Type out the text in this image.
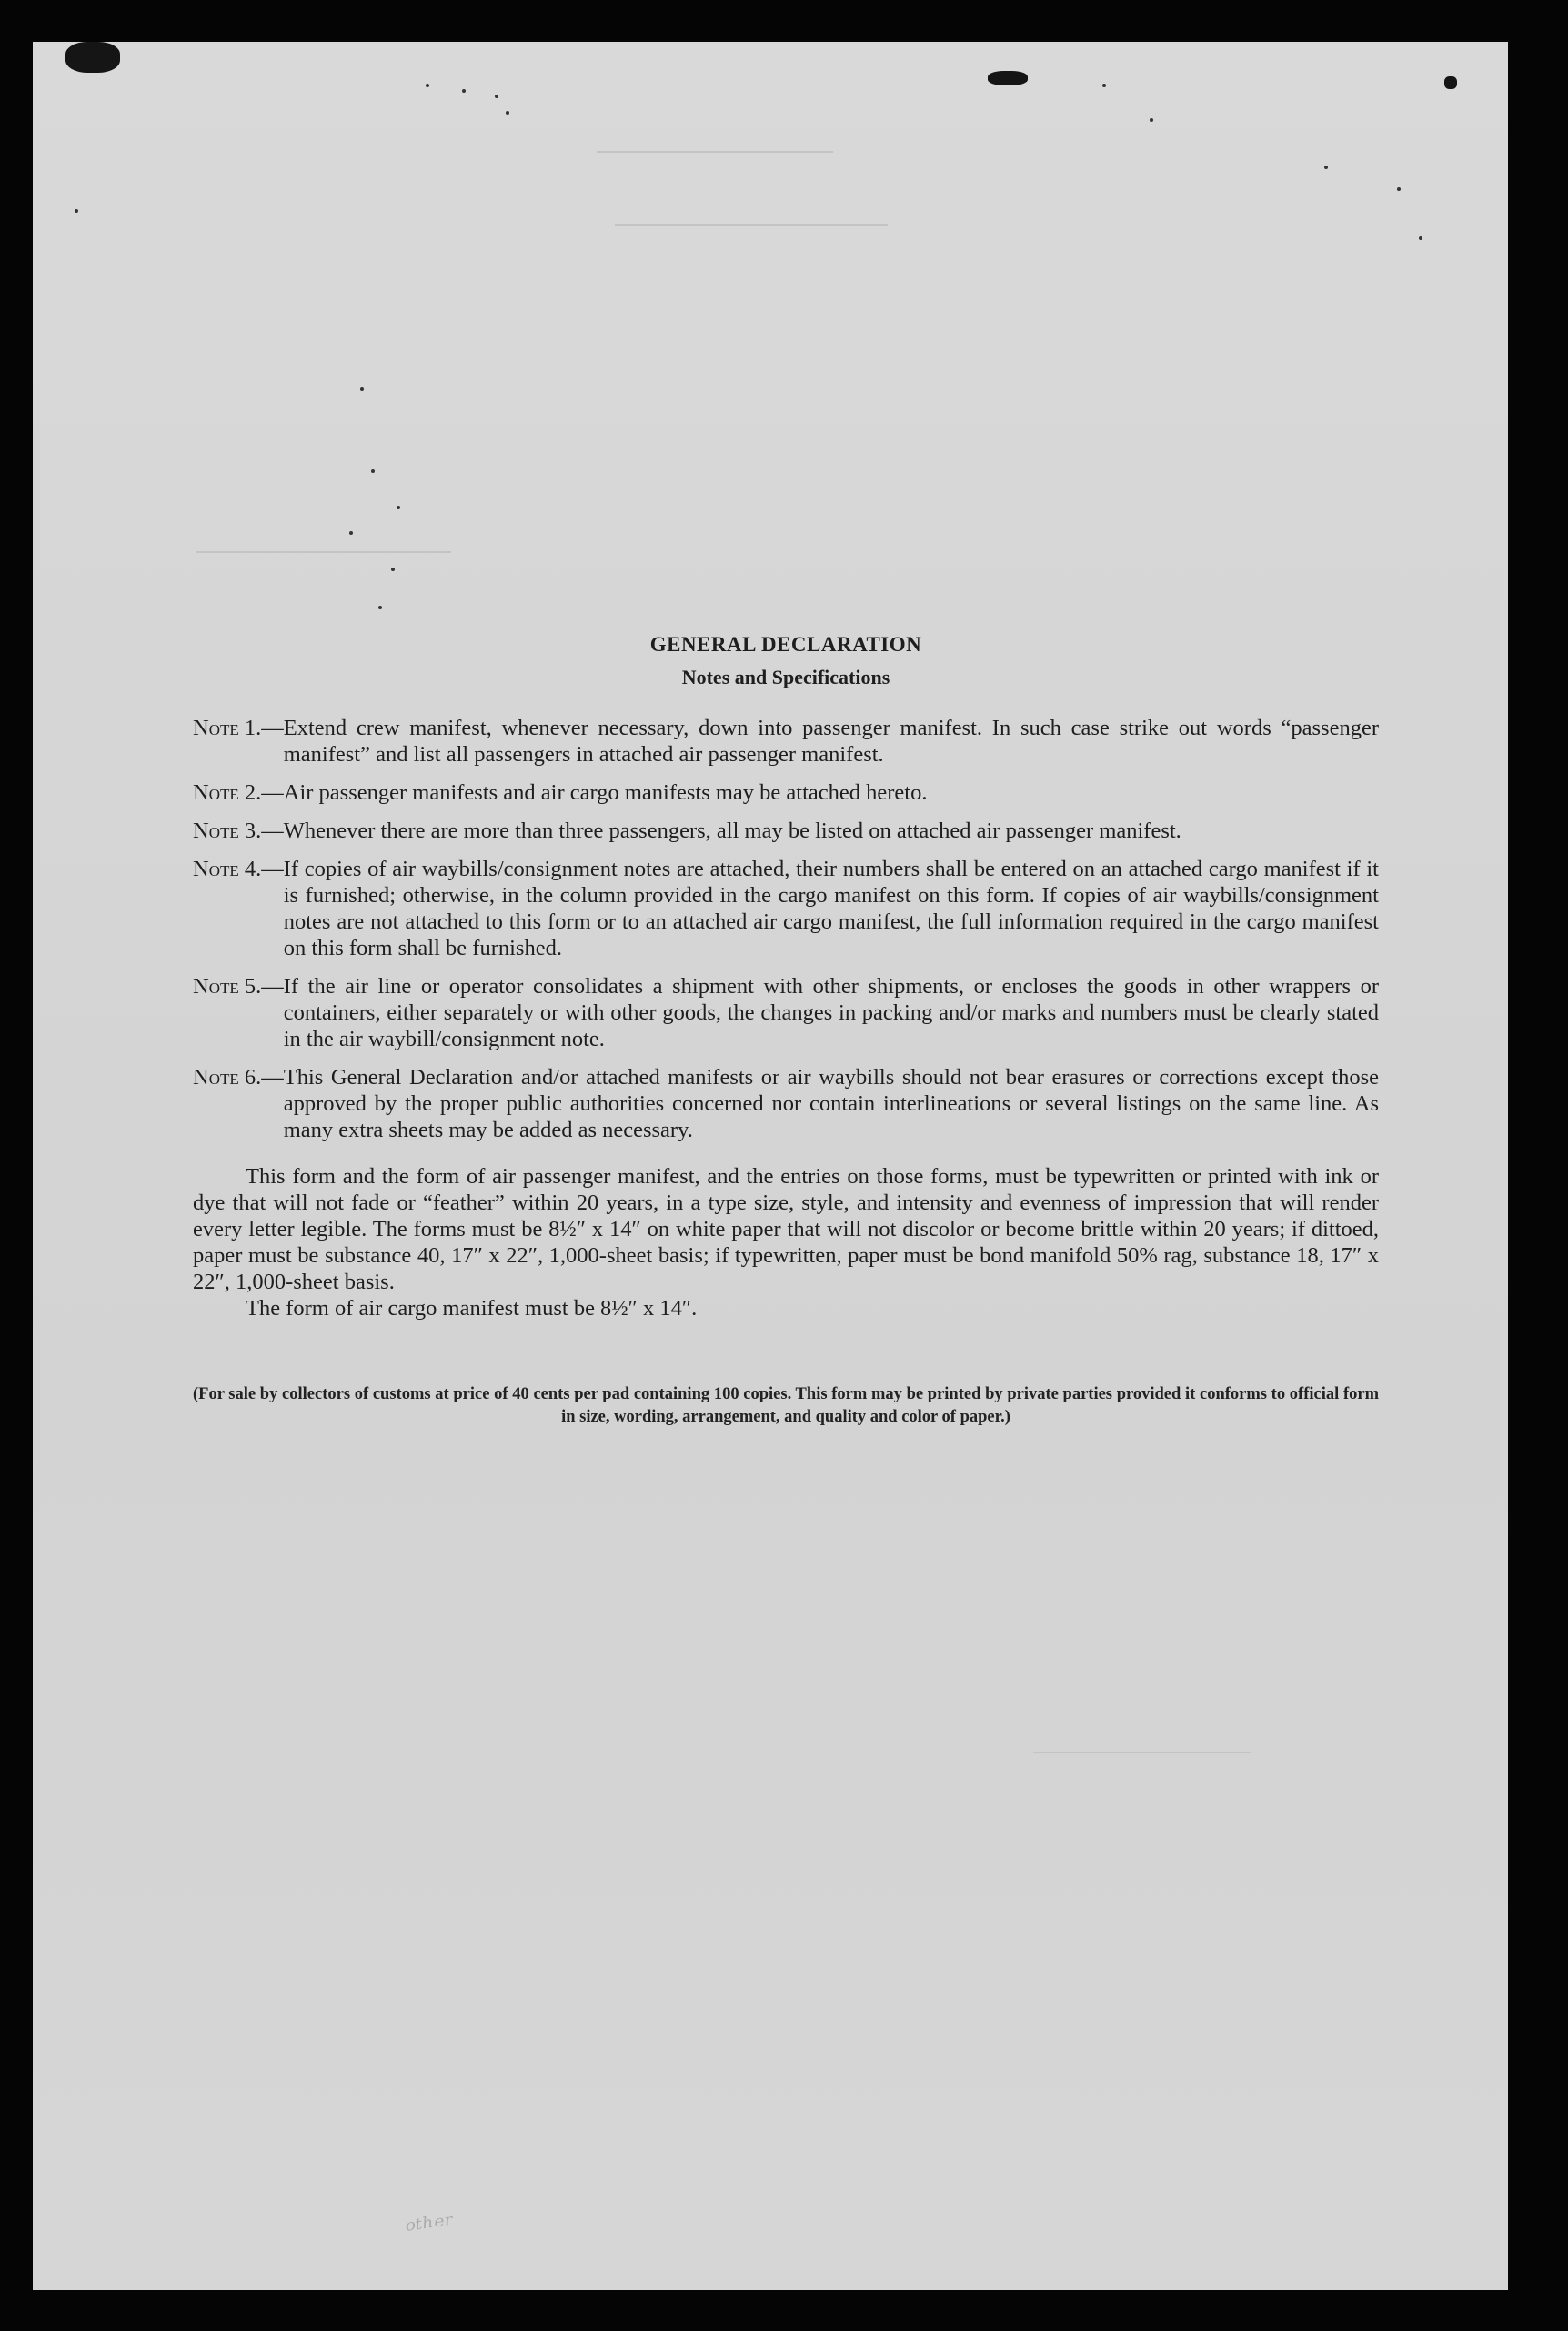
GENERAL DECLARATION
Notes and Specifications
Note 1.— Extend crew manifest, whenever necessary, down into passenger manifest. In such case strike out words “passenger manifest” and list all passengers in attached air passenger manifest.
Note 2.— Air passenger manifests and air cargo manifests may be attached hereto.
Note 3.— Whenever there are more than three passengers, all may be listed on attached air passenger manifest.
Note 4.— If copies of air waybills/consignment notes are attached, their numbers shall be entered on an attached cargo manifest if it is furnished; otherwise, in the column provided in the cargo manifest on this form. If copies of air waybills/consignment notes are not attached to this form or to an attached air cargo manifest, the full information required in the cargo manifest on this form shall be furnished.
Note 5.— If the air line or operator consolidates a shipment with other shipments, or encloses the goods in other wrappers or containers, either separately or with other goods, the changes in packing and/or marks and numbers must be clearly stated in the air waybill/consignment note.
Note 6.— This General Declaration and/or attached manifests or air waybills should not bear erasures or corrections except those approved by the proper public authorities concerned nor contain interlineations or several listings on the same line. As many extra sheets may be added as necessary.

This form and the form of air passenger manifest, and the entries on those forms, must be typewritten or printed with ink or dye that will not fade or “feather” within 20 years, in a type size, style, and intensity and evenness of impression that will render every letter legible. The forms must be 8½″ x 14″ on white paper that will not discolor or become brittle within 20 years; if dittoed, paper must be substance 40, 17″ x 22″, 1,000-sheet basis; if typewritten, paper must be bond manifold 50% rag, substance 18, 17″ x 22″, 1,000-sheet basis.

The form of air cargo manifest must be 8½″ x 14″.

(For sale by collectors of customs at price of 40 cents per pad containing 100 copies. This form may be printed by private parties provided it conforms to official form in size, wording, arrangement, and quality and color of paper.)

ᵒᵗʰᵉʳ
